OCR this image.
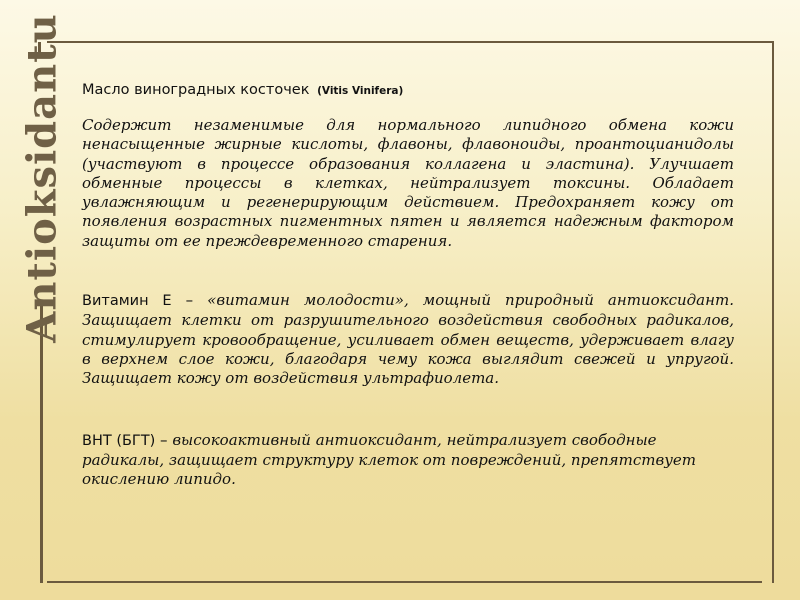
Antioksidantu Масло виноградных косточек (Vitis Vinifera)

Содержит незаменимые для нормального липидного обмена кожи ненасыщенные жирные кислоты, флавоны, флавоноиды, проантоцианидолы (участвуют в процессе образования коллагена и эластина). Улучшает обменные процессы в клетках, нейтрализует токсины. Обладает увлажняющим и регенерирующим действием. Предохраняет кожу от появления возрастных пигментных пятен и является надежным фактором защиты от ее преждевременного старения.

Витамин Е – «витамин молодости», мощный природный антиоксидант. Защищает клетки от разрушительного воздействия свободных радикалов, стимулирует кровообращение, усиливает обмен веществ, удерживает влагу в верхнем слое кожи, благодаря чему кожа выглядит свежей и упругой. Защищает кожу от воздействия ультрафиолета.

ВНТ (БГТ) – высокоактивный антиоксидант, нейтрализует свободные радикалы, защищает структуру клеток от повреждений, препятствует окислению липидо.
